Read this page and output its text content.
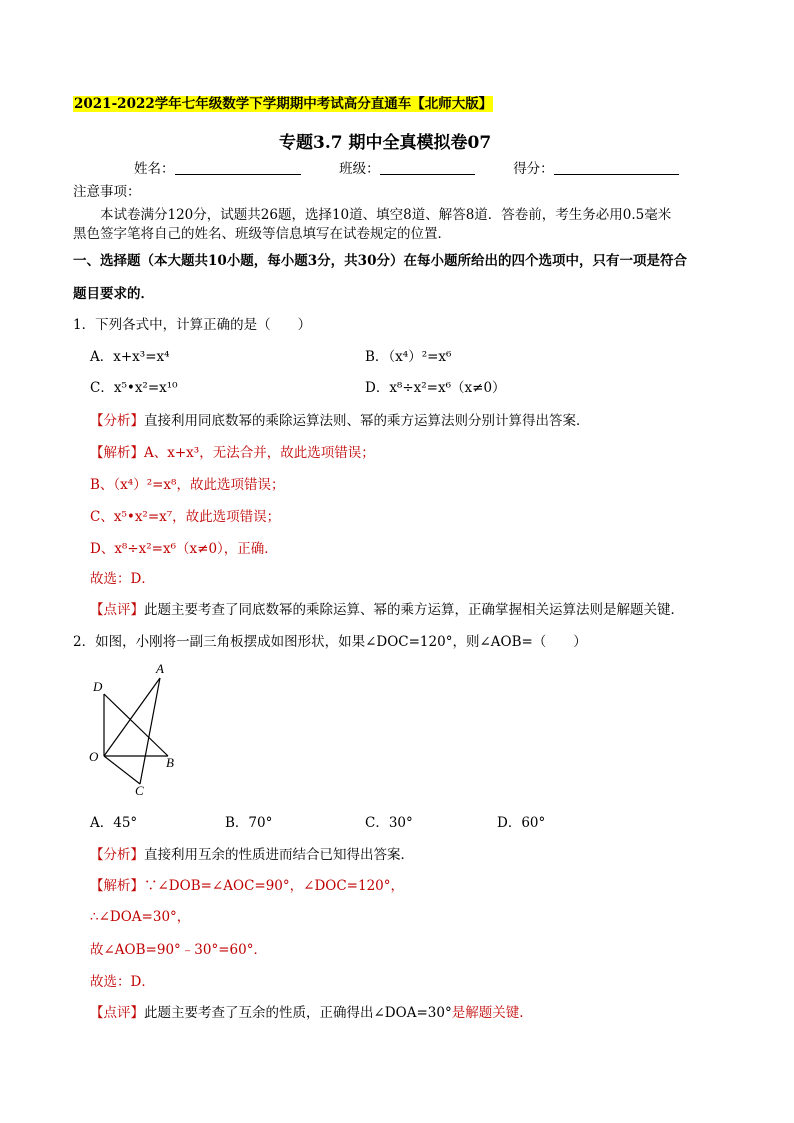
2021-2022学年七年级数学下学期期中考试高分直通车【北师大版】
专题3.7 期中全真模拟卷07
姓名：	班级：	得分：
注意事项：
本试卷满分120分，试题共26题，选择10道、填空8道、解答8道．答卷前，考生务必用0.5毫米
黑色签字笔将自己的姓名、班级等信息填写在试卷规定的位置．
一、选择题（本大题共10小题，每小题3分，共30分）在每小题所给出的四个选项中，只有一项是符合
题目要求的．
1．下列各式中，计算正确的是（　　）
A．x+x³=x⁴	B．（x⁴）²=x⁶
C．x⁵•x²=x¹⁰	D．x⁸÷x²=x⁶（x≠0）
【分析】直接利用同底数幂的乘除运算法则、幂的乘方运算法则分别计算得出答案．
【解析】A、x+x³，无法合并，故此选项错误；
B、（x⁴）²=x⁸，故此选项错误；
C、x⁵•x²=x⁷，故此选项错误；
D、x⁸÷x²=x⁶（x≠0），正确．
故选：D．
【点评】此题主要考查了同底数幂的乘除运算、幂的乘方运算，正确掌握相关运算法则是解题关键．
2．如图，小刚将一副三角板摆成如图形状，如果∠DOC=120°，则∠AOB=（　　）
D
A
O	B
C
A．45°	B．70°	C．30°	D．60°
【分析】直接利用互余的性质进而结合已知得出答案．
【解析】∵∠DOB=∠AOC=90°，∠DOC=120°，
∴∠DOA=30°，
故∠AOB=90°﹣30°=60°．
故选：D．
【点评】此题主要考查了互余的性质，正确得出∠DOA=30°是解题关键.
